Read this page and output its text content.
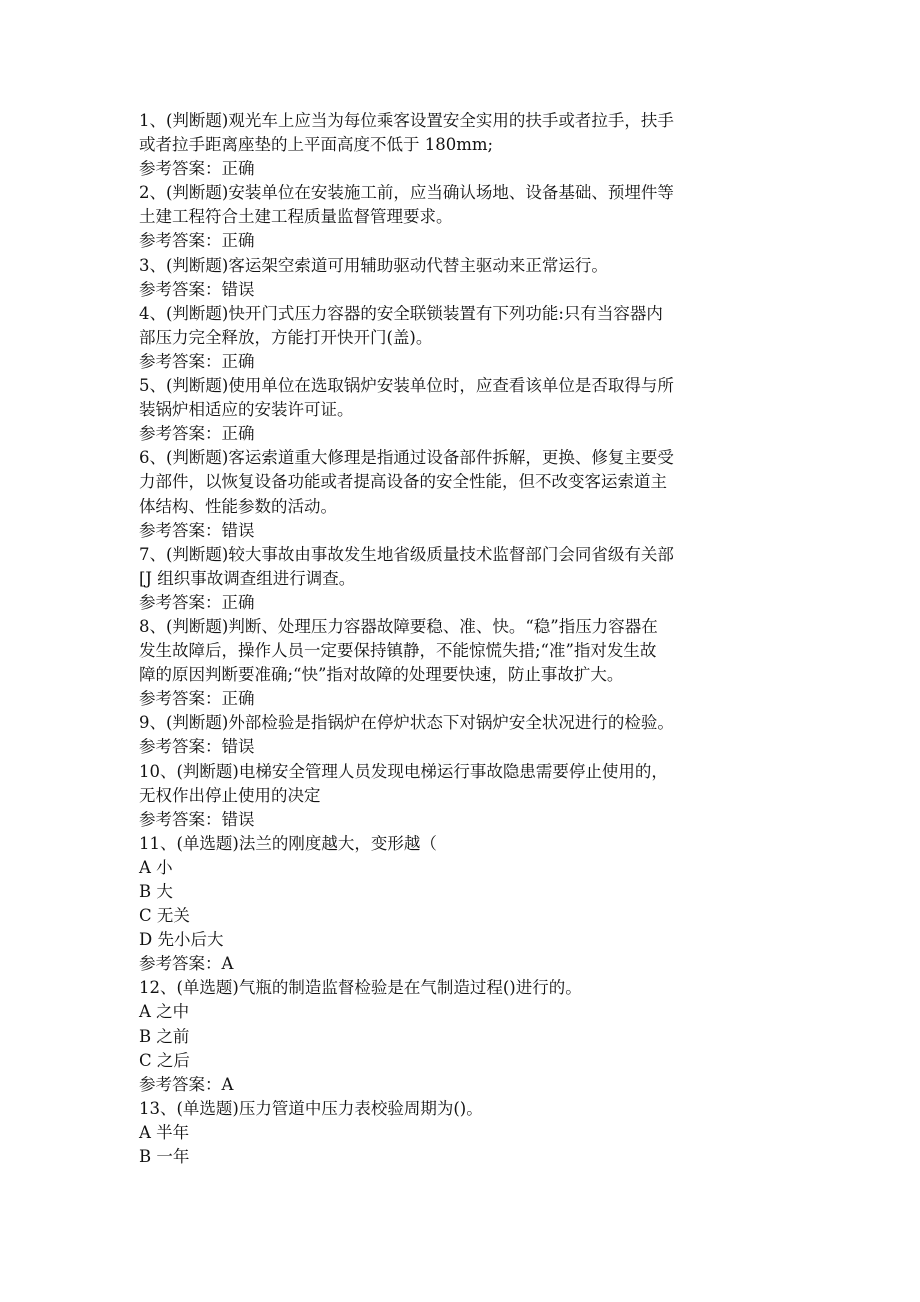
1、(判断题)观光车上应当为每位乘客设置安全实用的扶手或者拉手，扶手
或者拉手距离座垫的上平面高度不低于 180mm;
参考答案：正确
2、(判断题)安装单位在安装施工前，应当确认场地、设备基础、预埋件等
土建工程符合土建工程质量监督管理要求。
参考答案：正确
3、(判断题)客运架空索道可用辅助驱动代替主驱动来正常运行。
参考答案：错误
4、(判断题)快开门式压力容器的安全联锁装置有下列功能:只有当容器内
部压力完全释放，方能打开快开门(盖)。
参考答案：正确
5、(判断题)使用单位在选取锅炉安装单位时，应查看该单位是否取得与所
装锅炉相适应的安装许可证。
参考答案：正确
6、(判断题)客运索道重大修理是指通过设备部件拆解，更换、修复主要受
力部件，以恢复设备功能或者提高设备的安全性能，但不改变客运索道主
体结构、性能参数的活动。
参考答案：错误
7、(判断题)较大事故由事故发生地省级质量技术监督部门会同省级有关部
[J 组织事故调查组进行调查。
参考答案：正确
8、(判断题)判断、处理压力容器故障要稳、准、快。“稳”指压力容器在
发生故障后，操作人员一定要保持镇静，不能惊慌失措;“准”指对发生故
障的原因判断要准确;“快”指对故障的处理要快速，防止事故扩大。
参考答案：正确
9、(判断题)外部检验是指锅炉在停炉状态下对锅炉安全状况进行的检验。
参考答案：错误
10、(判断题)电梯安全管理人员发现电梯运行事故隐患需要停止使用的，
无权作出停止使用的决定
参考答案：错误
11、(单选题)法兰的刚度越大，变形越（
A 小
B 大
C 无关
D 先小后大
参考答案：A
12、(单选题)气瓶的制造监督检验是在气制造过程()进行的。
A 之中
B 之前
C 之后
参考答案：A
13、(单选题)压力管道中压力表校验周期为()。
A 半年
B 一年
